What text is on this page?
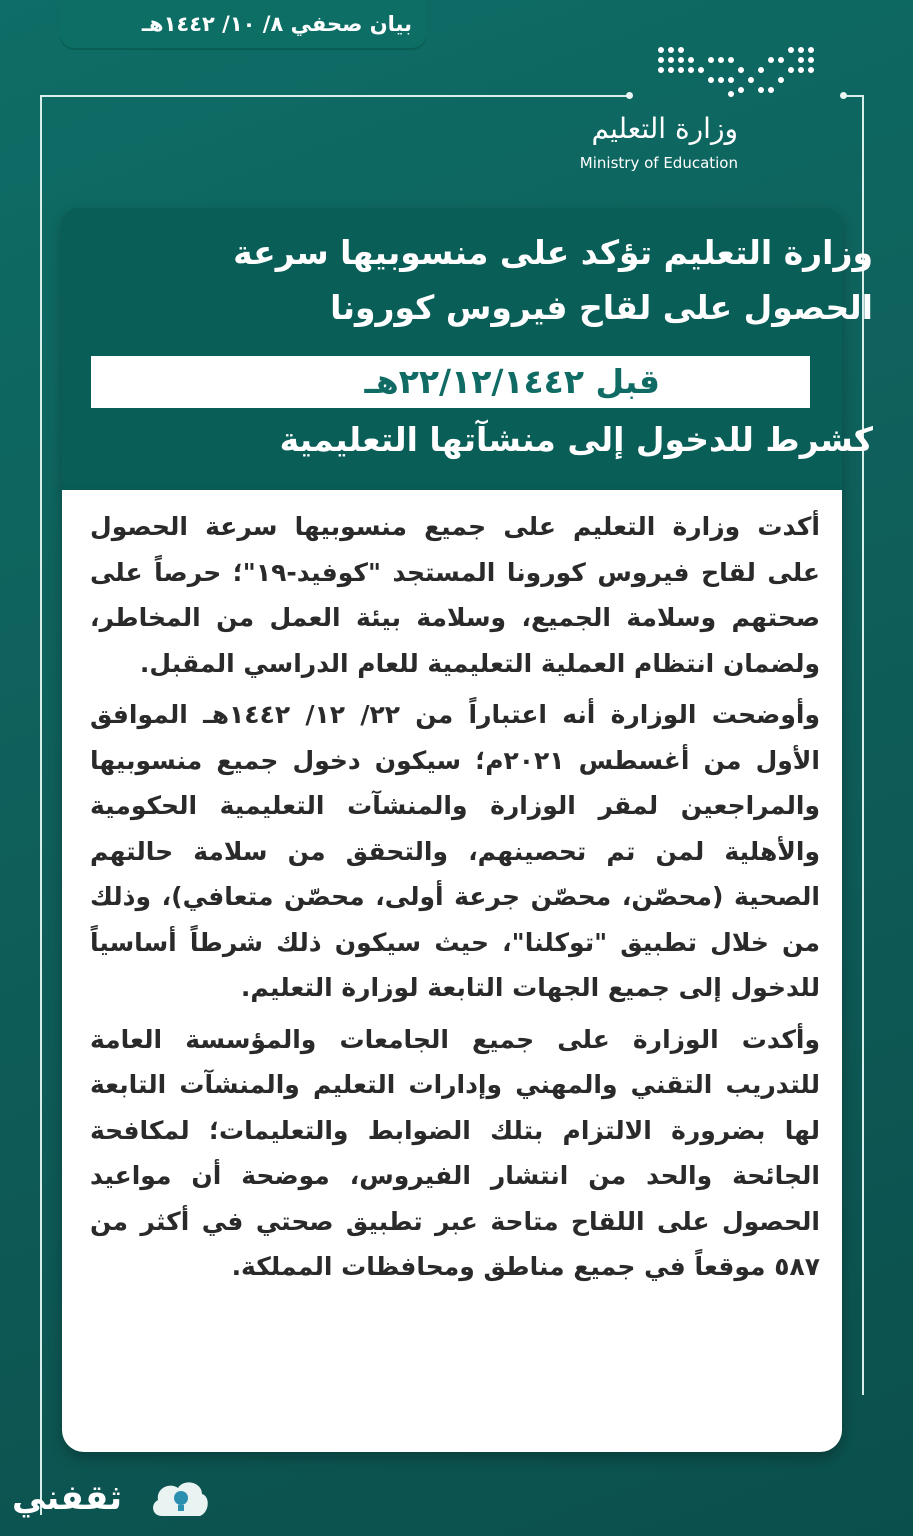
بيان صحفي ٨/ ١٠/ ١٤٤٢هـ
وزارة التعليم
Ministry of Education
وزارة التعليم تؤكد على منسوبيها سرعة
الحصول على لقاح فيروس كورونا
قبل ٢٢/١٢/١٤٤٢هـ
كشرط للدخول إلى منشآتها التعليمية

أكدت وزارة التعليم على جميع منسوبيها سرعة الحصول على لقاح فيروس كورونا المستجد "كوفيد-١٩"؛ حرصاً على صحتهم وسلامة الجميع، وسلامة بيئة العمل من المخاطر، ولضمان انتظام العملية التعليمية للعام الدراسي المقبل.

وأوضحت الوزارة أنه اعتباراً من ٢٢/ ١٢/ ١٤٤٢هـ الموافق الأول من أغسطس ٢٠٢١م؛ سيكون دخول جميع منسوبيها والمراجعين لمقر الوزارة والمنشآت التعليمية الحكومية والأهلية لمن تم تحصينهم، والتحقق من سلامة حالتهم الصحية (محصّن، محصّن جرعة أولى، محصّن متعافي)، وذلك من خلال تطبيق "توكلنا"، حيث سيكون ذلك شرطاً أساسياً للدخول إلى جميع الجهات التابعة لوزارة التعليم.

وأكدت الوزارة على جميع الجامعات والمؤسسة العامة للتدريب التقني والمهني وإدارات التعليم والمنشآت التابعة لها بضرورة الالتزام بتلك الضوابط والتعليمات؛ لمكافحة الجائحة والحد من انتشار الفيروس، موضحة أن مواعيد الحصول على اللقاح متاحة عبر تطبيق صحتي في أكثر من ٥٨٧ موقعاً في جميع مناطق ومحافظات المملكة.

ثقفني
